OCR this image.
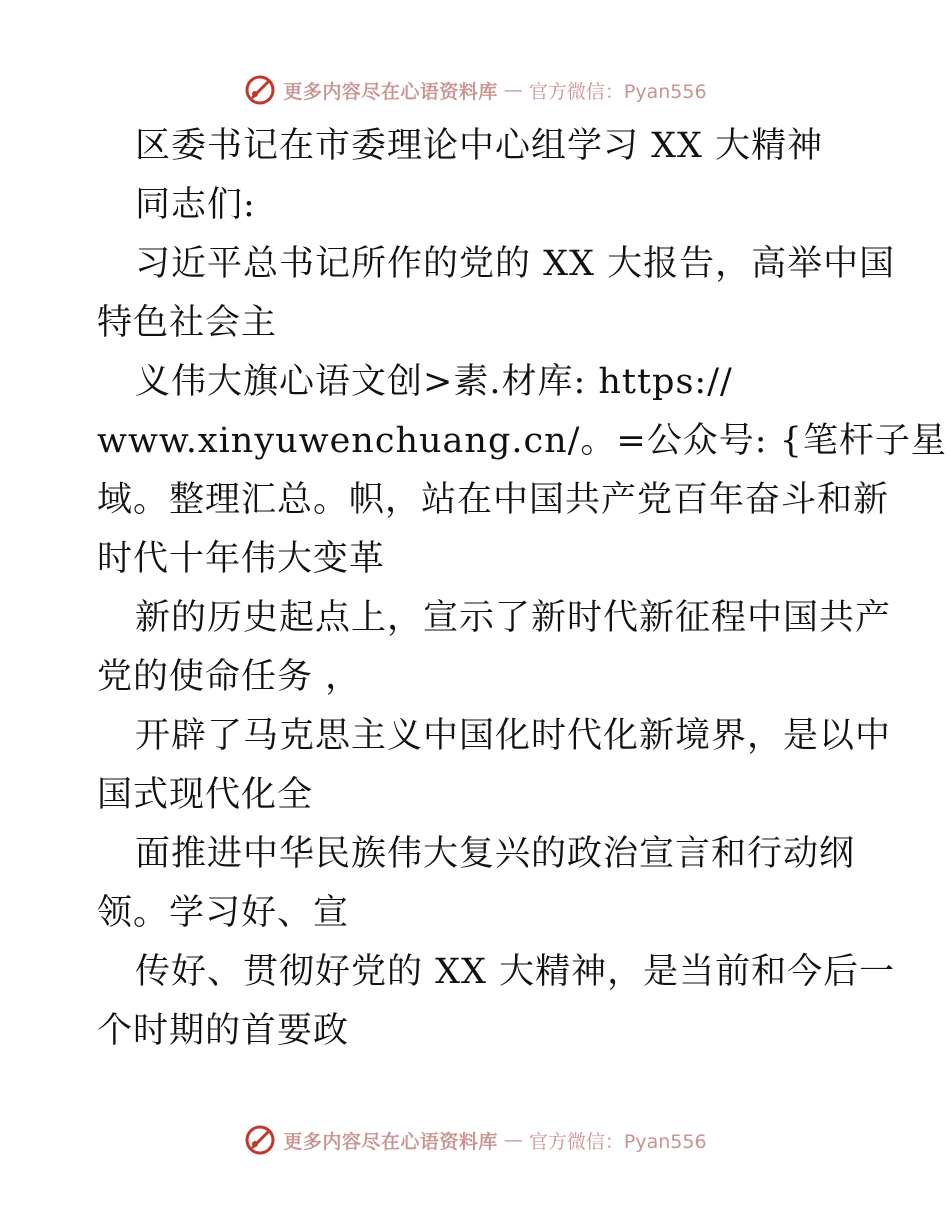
更多内容尽在心语资料库 — 官方微信：Pyan556
区委书记在市委理论中心组学习 XX 大精神
同志们:
习近平总书记所作的党的 XX 大报告，高举中国
特色社会主
义伟大旗心语文创>素.材库: https://
www.xinyuwenchuang.cn/。=公众号: {笔杆子星
域。整理汇总。帜，站在中国共产党百年奋斗和新
时代十年伟大变革
新的历史起点上，宣示了新时代新征程中国共产
党的使命任务 ，
开辟了马克思主义中国化时代化新境界，是以中
国式现代化全
面推进中华民族伟大复兴的政治宣言和行动纲
领。学习好、宣
传好、贯彻好党的 XX 大精神，是当前和今后一
个时期的首要政
更多内容尽在心语资料库 — 官方微信：Pyan556
